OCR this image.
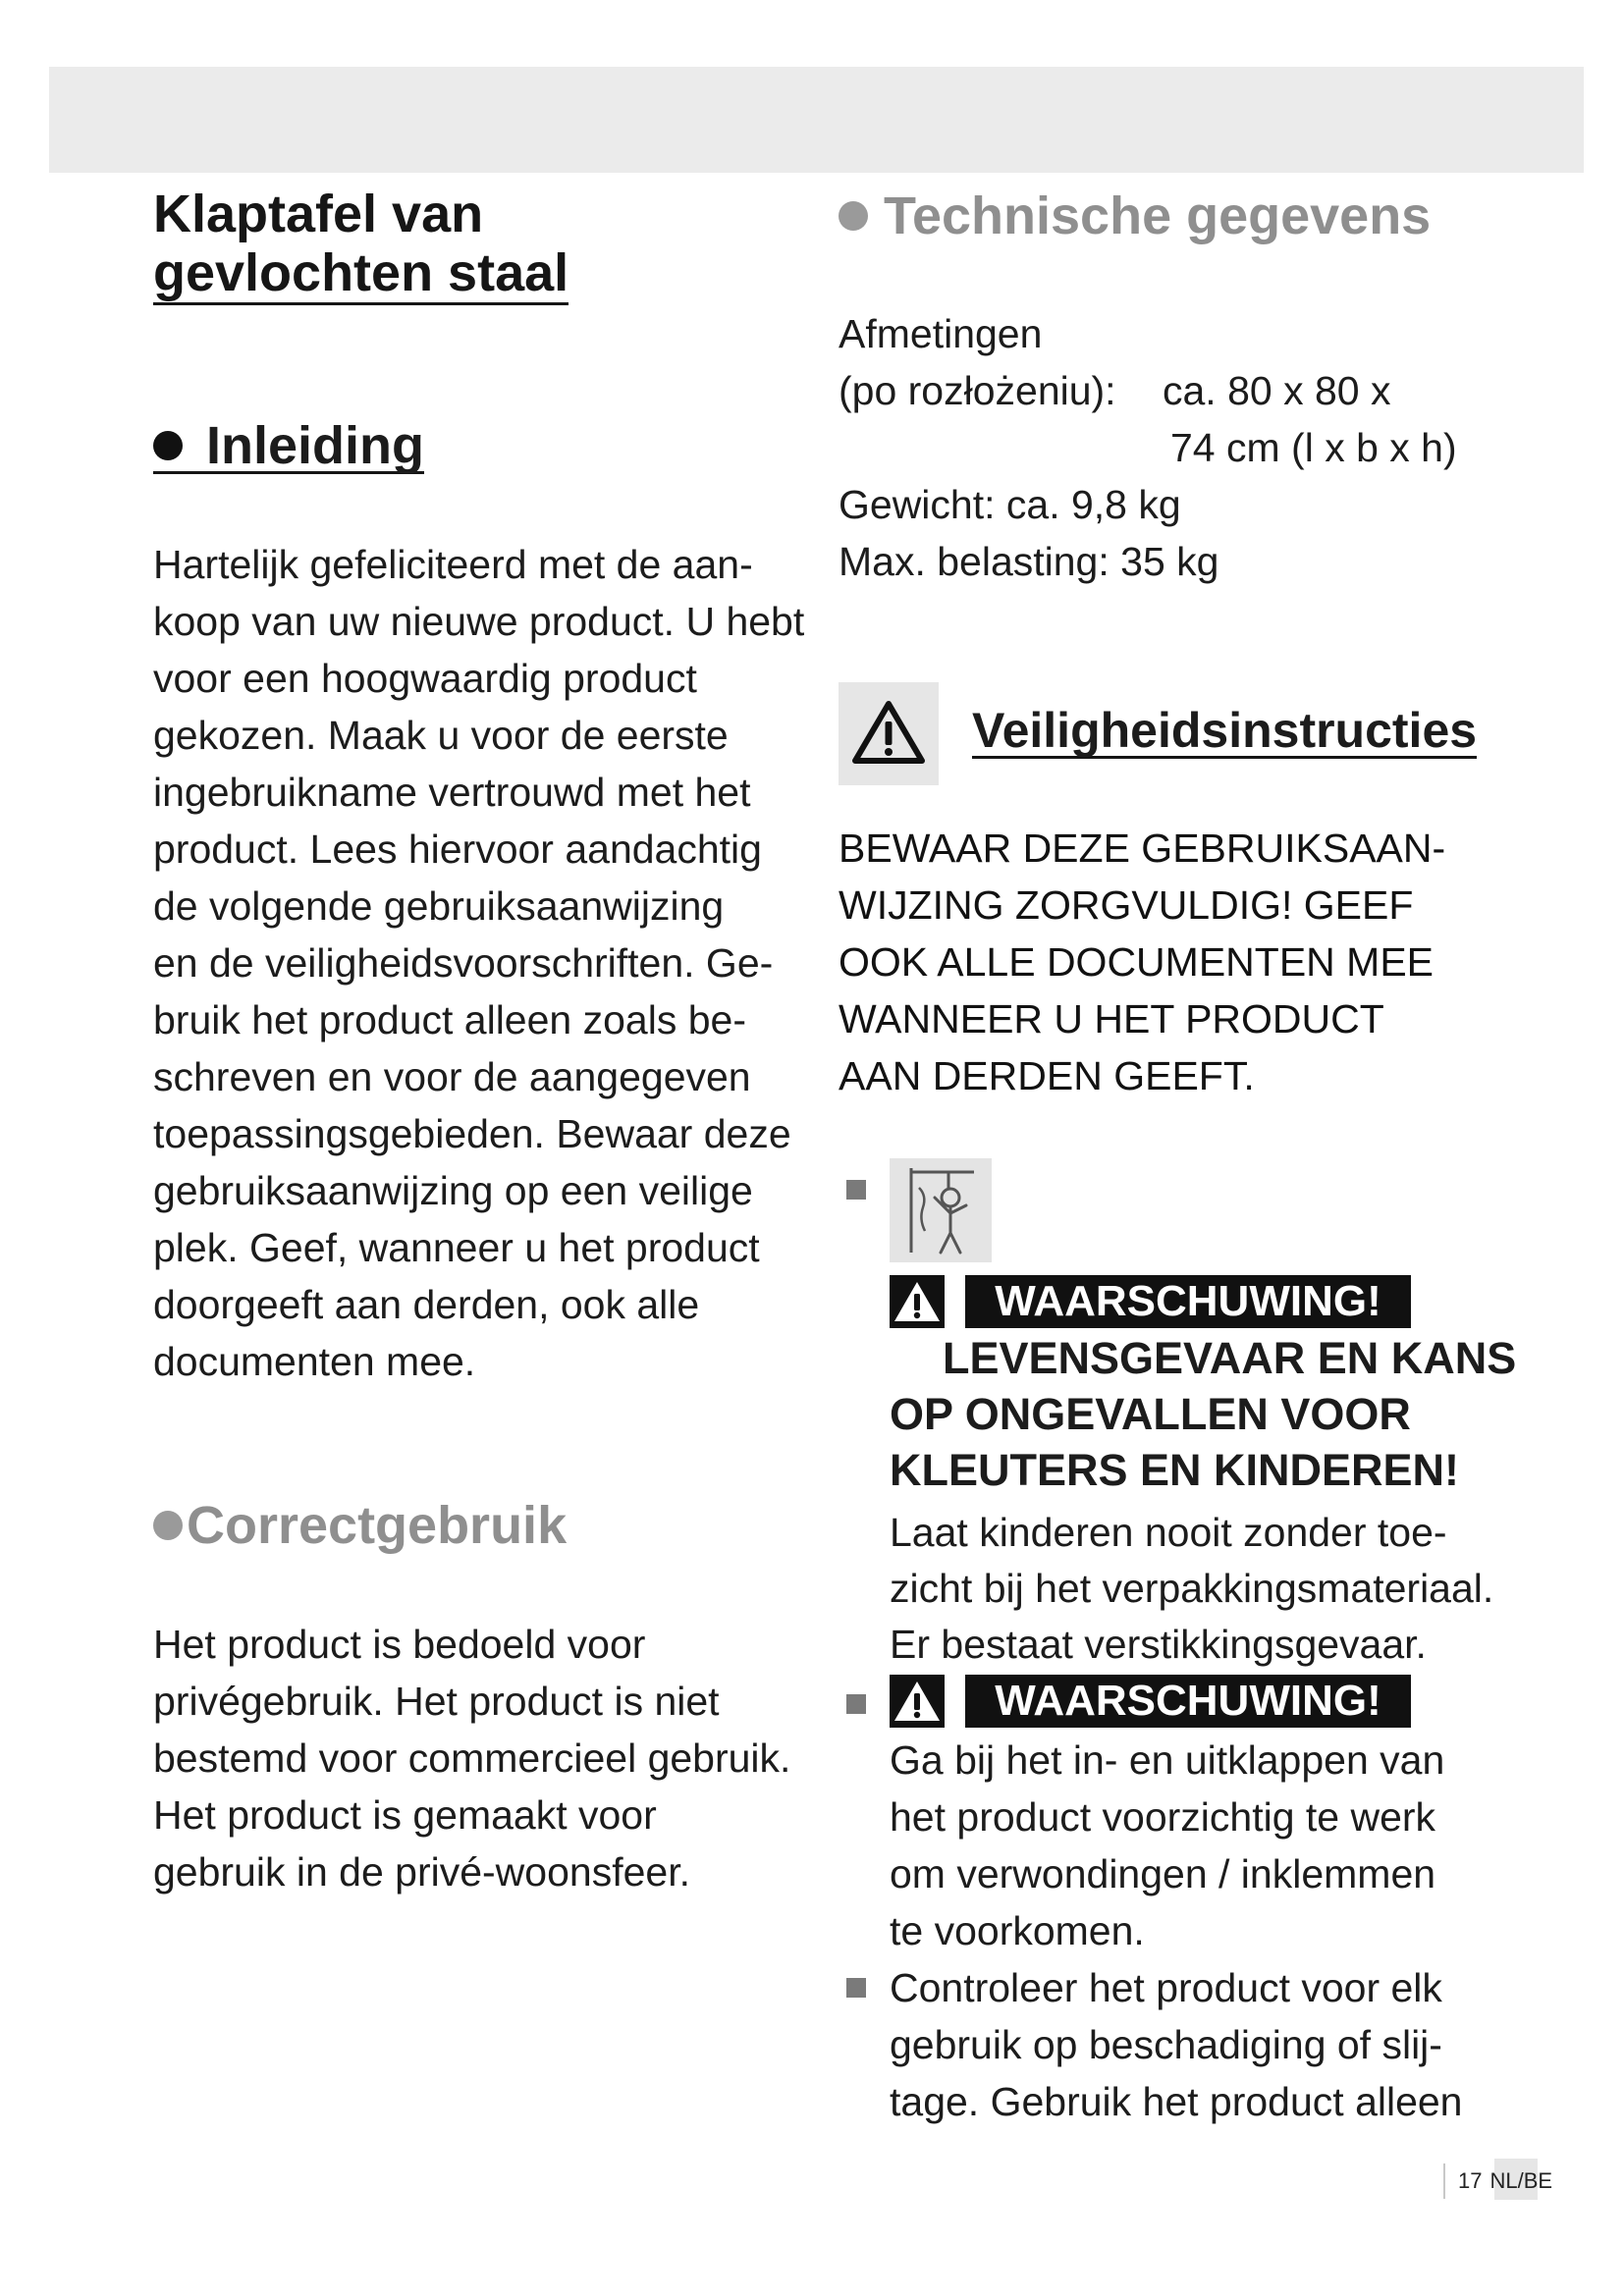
Klaptafel van
gevlochten staal
Inleiding
Hartelijk gefeliciteerd met de aan-
koop van uw nieuwe product. U hebt
voor een hoogwaardig product
gekozen. Maak u voor de eerste
ingebruikname vertrouwd met het
product. Lees hiervoor aandachtig
de volgende gebruiksaanwijzing
en de veiligheidsvoorschriften. Ge-
bruik het product alleen zoals be-
schreven en voor de aangegeven
toepassingsgebieden. Bewaar deze
gebruiksaanwijzing op een veilige
plek. Geef, wanneer u het product
doorgeeft aan derden, ook alle
documenten mee.
Correctgebruik
Het product is bedoeld voor
privégebruik. Het product is niet
bestemd voor commercieel gebruik.
Het product is gemaakt voor
gebruik in de privé-woonsfeer.
Technische gegevens
Afmetingen
(po rozłożeniu): ca. 80 x 80 x
74 cm (l x b x h)
Gewicht: ca. 9,8 kg
Max. belasting: 35 kg
Veiligheidsinstructies
BEWAAR DEZE GEBRUIKSAAN-
WIJZING ZORGVULDIG! GEEF
OOK ALLE DOCUMENTEN MEE
WANNEER U HET PRODUCT
AAN DERDEN GEEFT.
WAARSCHUWING!
LEVENSGEVAAR EN KANS
OP ONGEVALLEN VOOR
KLEUTERS EN KINDEREN!
Laat kinderen nooit zonder toe-
zicht bij het verpakkingsmateriaal.
Er bestaat verstikkingsgevaar.
WAARSCHUWING!
Ga bij het in- en uitklappen van
het product voorzichtig te werk
om verwondingen / inklemmen
te voorkomen.
Controleer het product voor elk
gebruik op beschadiging of slij-
tage. Gebruik het product alleen
17 NL/BE
